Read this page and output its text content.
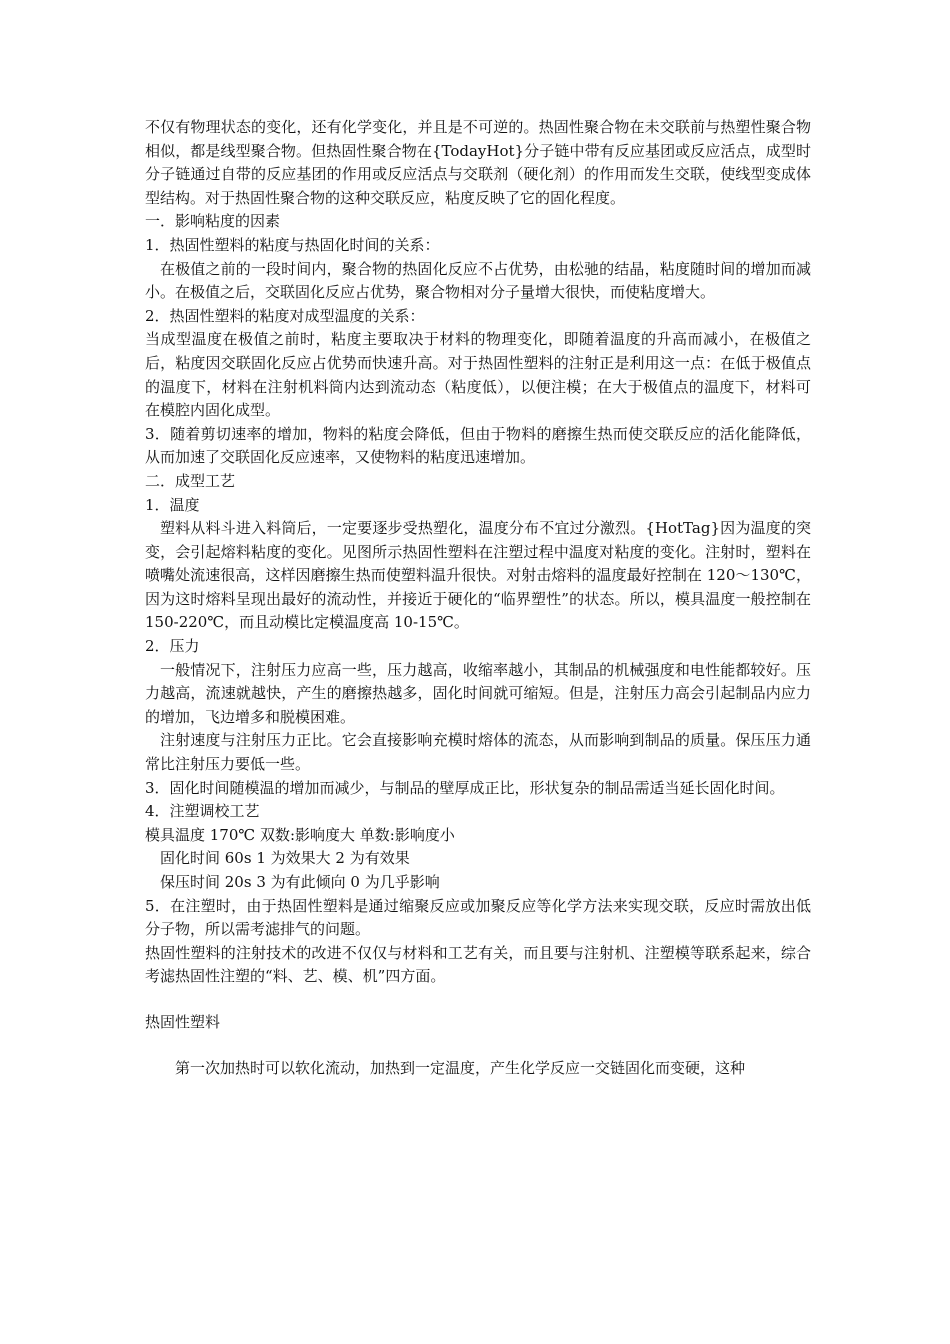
不仅有物理状态的变化，还有化学变化，并且是不可逆的。热固性聚合物在未交联前与热塑性聚合物相似，都是线型聚合物。但热固性聚合物在{TodayHot}分子链中带有反应基团或反应活点，成型时分子链通过自带的反应基团的作用或反应活点与交联剂（硬化剂）的作用而发生交联，使线型变成体型结构。对于热固性聚合物的这种交联反应，粘度反映了它的固化程度。

一．影响粘度的因素

1．热固性塑料的粘度与热固化时间的关系：

在极值之前的一段时间内，聚合物的热固化反应不占优势，由松驰的结晶，粘度随时间的增加而减小。在极值之后，交联固化反应占优势，聚合物相对分子量增大很快，而使粘度增大。

2．热固性塑料的粘度对成型温度的关系：

当成型温度在极值之前时，粘度主要取决于材料的物理变化，即随着温度的升高而减小，在极值之后，粘度因交联固化反应占优势而快速升高。对于热固性塑料的注射正是利用这一点：在低于极值点的温度下，材料在注射机料筒内达到流动态（粘度低），以便注模；在大于极值点的温度下，材料可在模腔内固化成型。

3．随着剪切速率的增加，物料的粘度会降低，但由于物料的磨擦生热而使交联反应的活化能降低，从而加速了交联固化反应速率，又使物料的粘度迅速增加。

二．成型工艺

1．温度

塑料从料斗进入料筒后，一定要逐步受热塑化，温度分布不宜过分激烈。{HotTag}因为温度的突变，会引起熔料粘度的变化。见图所示热固性塑料在注塑过程中温度对粘度的变化。注射时，塑料在喷嘴处流速很高，这样因磨擦生热而使塑料温升很快。对射击熔料的温度最好控制在 120～130℃，因为这时熔料呈现出最好的流动性，并接近于硬化的“临界塑性”的状态。所以，模具温度一般控制在 150-220℃，而且动模比定模温度高 10-15℃。

2．压力

一般情况下，注射压力应高一些，压力越高，收缩率越小，其制品的机械强度和电性能都较好。压力越高，流速就越快，产生的磨擦热越多，固化时间就可缩短。但是，注射压力高会引起制品内应力的增加，飞边增多和脱模困难。

注射速度与注射压力正比。它会直接影响充模时熔体的流态，从而影响到制品的质量。保压压力通常比注射压力要低一些。

3．固化时间随模温的增加而减少，与制品的壁厚成正比，形状复杂的制品需适当延长固化时间。

4．注塑调校工艺

模具温度 170℃ 双数:影响度大 单数:影响度小

固化时间 60s 1 为效果大 2 为有效果

保压时间 20s 3 为有此倾向 0 为几乎影响

5．在注塑时，由于热固性塑料是通过缩聚反应或加聚反应等化学方法来实现交联，反应时需放出低分子物，所以需考滤排气的问题。

热固性塑料的注射技术的改进不仅仅与材料和工艺有关，而且要与注射机、注塑模等联系起来，综合考滤热固性注塑的“料、艺、模、机”四方面。

热固性塑料

第一次加热时可以软化流动，加热到一定温度，产生化学反应一交链固化而变硬，这种
